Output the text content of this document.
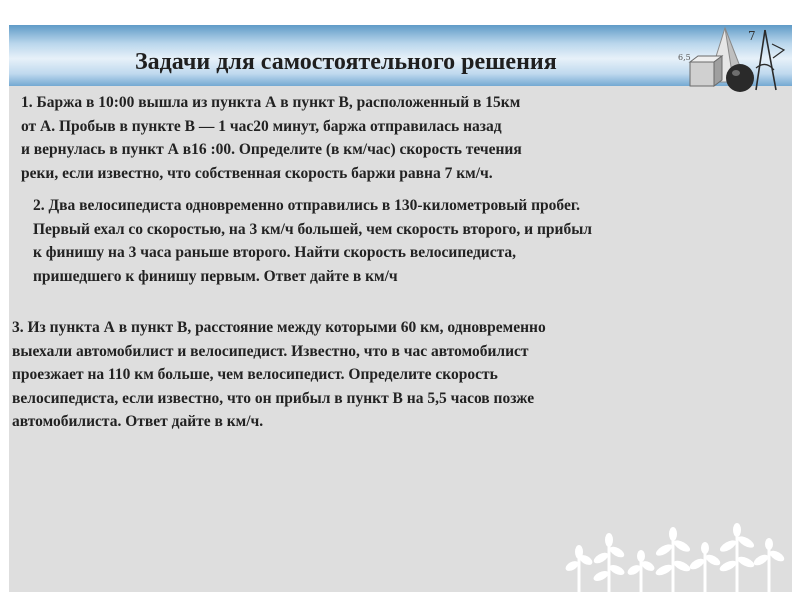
Задачи для самостоятельного решения
7
6,5
1. Баржа в 10:00 вышла из пункта А в пункт В, расположенный в 15км
от А. Пробыв в пункте В — 1 час20 минут, баржа отправилась назад
и вернулась в пункт А в16 :00. Определите (в км/час) скорость течения
реки, если известно, что собственная скорость баржи равна 7 км/ч.
2. Два велосипедиста одновременно отправились в 130-километровый пробег.
Первый ехал со скоростью, на 3 км/ч большей, чем скорость второго, и прибыл
к финишу на 3 часа раньше второго. Найти скорость велосипедиста,
пришедшего к финишу первым. Ответ дайте в км/ч
3. Из пункта А в пункт В, расстояние между которыми 60 км, одновременно
выехали автомобилист и велосипедист. Известно, что в час автомобилист
проезжает на 110 км больше, чем велосипедист. Определите скорость
велосипедиста, если известно, что он прибыл в пункт В на 5,5 часов позже
автомобилиста. Ответ дайте в км/ч.
